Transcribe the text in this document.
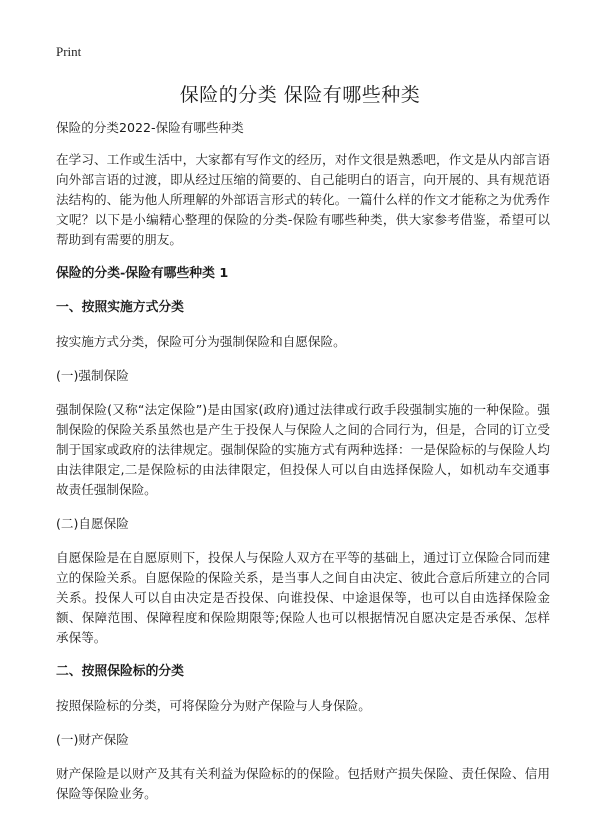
Print
保险的分类 保险有哪些种类

保险的分类2022-保险有哪些种类

在学习、工作或生活中，大家都有写作文的经历，对作文很是熟悉吧，作文是从内部言语向外部言语的过渡，即从经过压缩的简要的、自己能明白的语言，向开展的、具有规范语法结构的、能为他人所理解的外部语言形式的转化。一篇什么样的作文才能称之为优秀作文呢？以下是小编精心整理的保险的分类-保险有哪些种类，供大家参考借鉴，希望可以帮助到有需要的朋友。

保险的分类-保险有哪些种类 1
一、按照实施方式分类

按实施方式分类，保险可分为强制保险和自愿保险。

(一)强制保险

强制保险(又称“法定保险”)是由国家(政府)通过法律或行政手段强制实施的一种保险。强制保险的保险关系虽然也是产生于投保人与保险人之间的合同行为，但是，合同的订立受制于国家或政府的法律规定。强制保险的实施方式有两种选择：一是保险标的与保险人均由法律限定,二是保险标的由法律限定，但投保人可以自由选择保险人，如机动车交通事故责任强制保险。

(二)自愿保险

自愿保险是在自愿原则下，投保人与保险人双方在平等的基础上，通过订立保险合同而建立的保险关系。自愿保险的保险关系，是当事人之间自由决定、彼此合意后所建立的合同关系。投保人可以自由决定是否投保、向谁投保、中途退保等，也可以自由选择保险金额、保障范围、保障程度和保险期限等;保险人也可以根据情况自愿决定是否承保、怎样承保等。

二、按照保险标的分类

按照保险标的分类，可将保险分为财产保险与人身保险。

(一)财产保险

财产保险是以财产及其有关利益为保险标的的保险。包括财产损失保险、责任保险、信用保险等保险业务。
